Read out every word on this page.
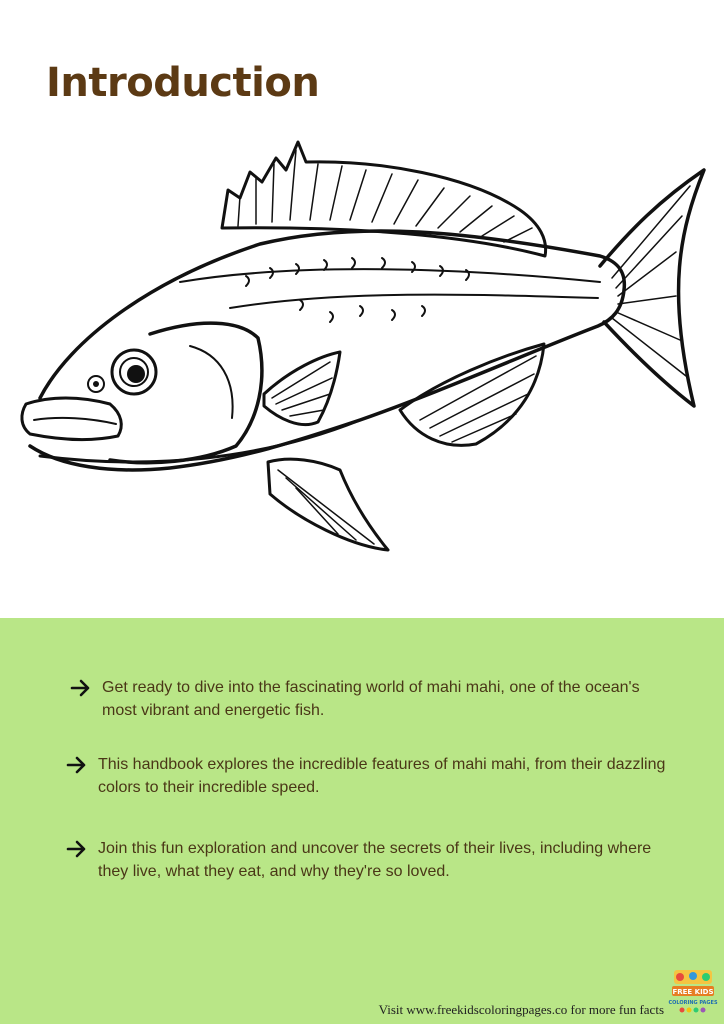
Introduction
Get ready to dive into the fascinating world of mahi mahi, one of the ocean's most vibrant and energetic fish.
This handbook explores the incredible features of mahi mahi, from their dazzling colors to their incredible speed.
Join this fun exploration and uncover the secrets of their lives, including where they live, what they eat, and why they're so loved.
Visit www.freekidscoloringpages.co for more fun facts
FREE KIDS
COLORING PAGES
